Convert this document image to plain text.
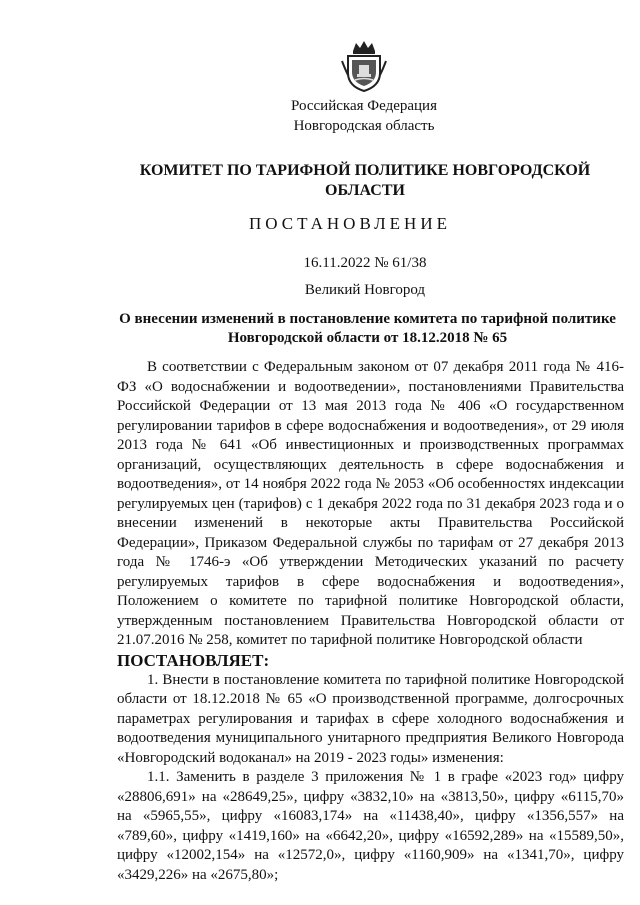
Российская Федерация
Новгородская область
КОМИТЕТ ПО ТАРИФНОЙ ПОЛИТИКЕ НОВГОРОДСКОЙ
ОБЛАСТИ
ПОСТАНОВЛЕНИЕ
16.11.2022 № 61/38
Великий Новгород
О внесении изменений в постановление комитета по тарифной политике
Новгородской области от 18.12.2018 № 65

В соответствии с Федеральным законом от 07 декабря 2011 года № 416-ФЗ «О водоснабжении и водоотведении», постановлениями Правительства Российской Федерации от 13 мая 2013 года № 406 «О государственном регулировании тарифов в сфере водоснабжения и водоотведения», от 29 июля 2013 года № 641 «Об инвестиционных и производственных программах организаций, осуществляющих деятельность в сфере водоснабжения и водоотведения», от 14 ноября 2022 года № 2053 «Об особенностях индексации регулируемых цен (тарифов) с 1 декабря 2022 года по 31 декабря 2023 года и о внесении изменений в некоторые акты Правительства Российской Федерации», Приказом Федеральной службы по тарифам от 27 декабря 2013 года № 1746-э «Об утверждении Методических указаний по расчету регулируемых тарифов в сфере водоснабжения и водоотведения», Положением о комитете по тарифной политике Новгородской области, утвержденным постановлением Правительства Новгородской области от 21.07.2016 № 258, комитет по тарифной политике Новгородской области

ПОСТАНОВЛЯЕТ:

1. Внести в постановление комитета по тарифной политике Новгородской области от 18.12.2018 № 65 «О производственной программе, долгосрочных параметрах регулирования и тарифах в сфере холодного водоснабжения и водоотведения муниципального унитарного предприятия Великого Новгорода «Новгородский водоканал» на 2019 - 2023 годы» изменения:

1.1. Заменить в разделе 3 приложения № 1 в графе «2023 год» цифру «28806,691» на «28649,25», цифру «3832,10» на «3813,50», цифру «6115,70» на «5965,55», цифру «16083,174» на «11438,40», цифру «1356,557» на «789,60», цифру «1419,160» на «6642,20», цифру «16592,289» на «15589,50», цифру «12002,154» на «12572,0», цифру «1160,909» на «1341,70», цифру «3429,226» на «2675,80»;
